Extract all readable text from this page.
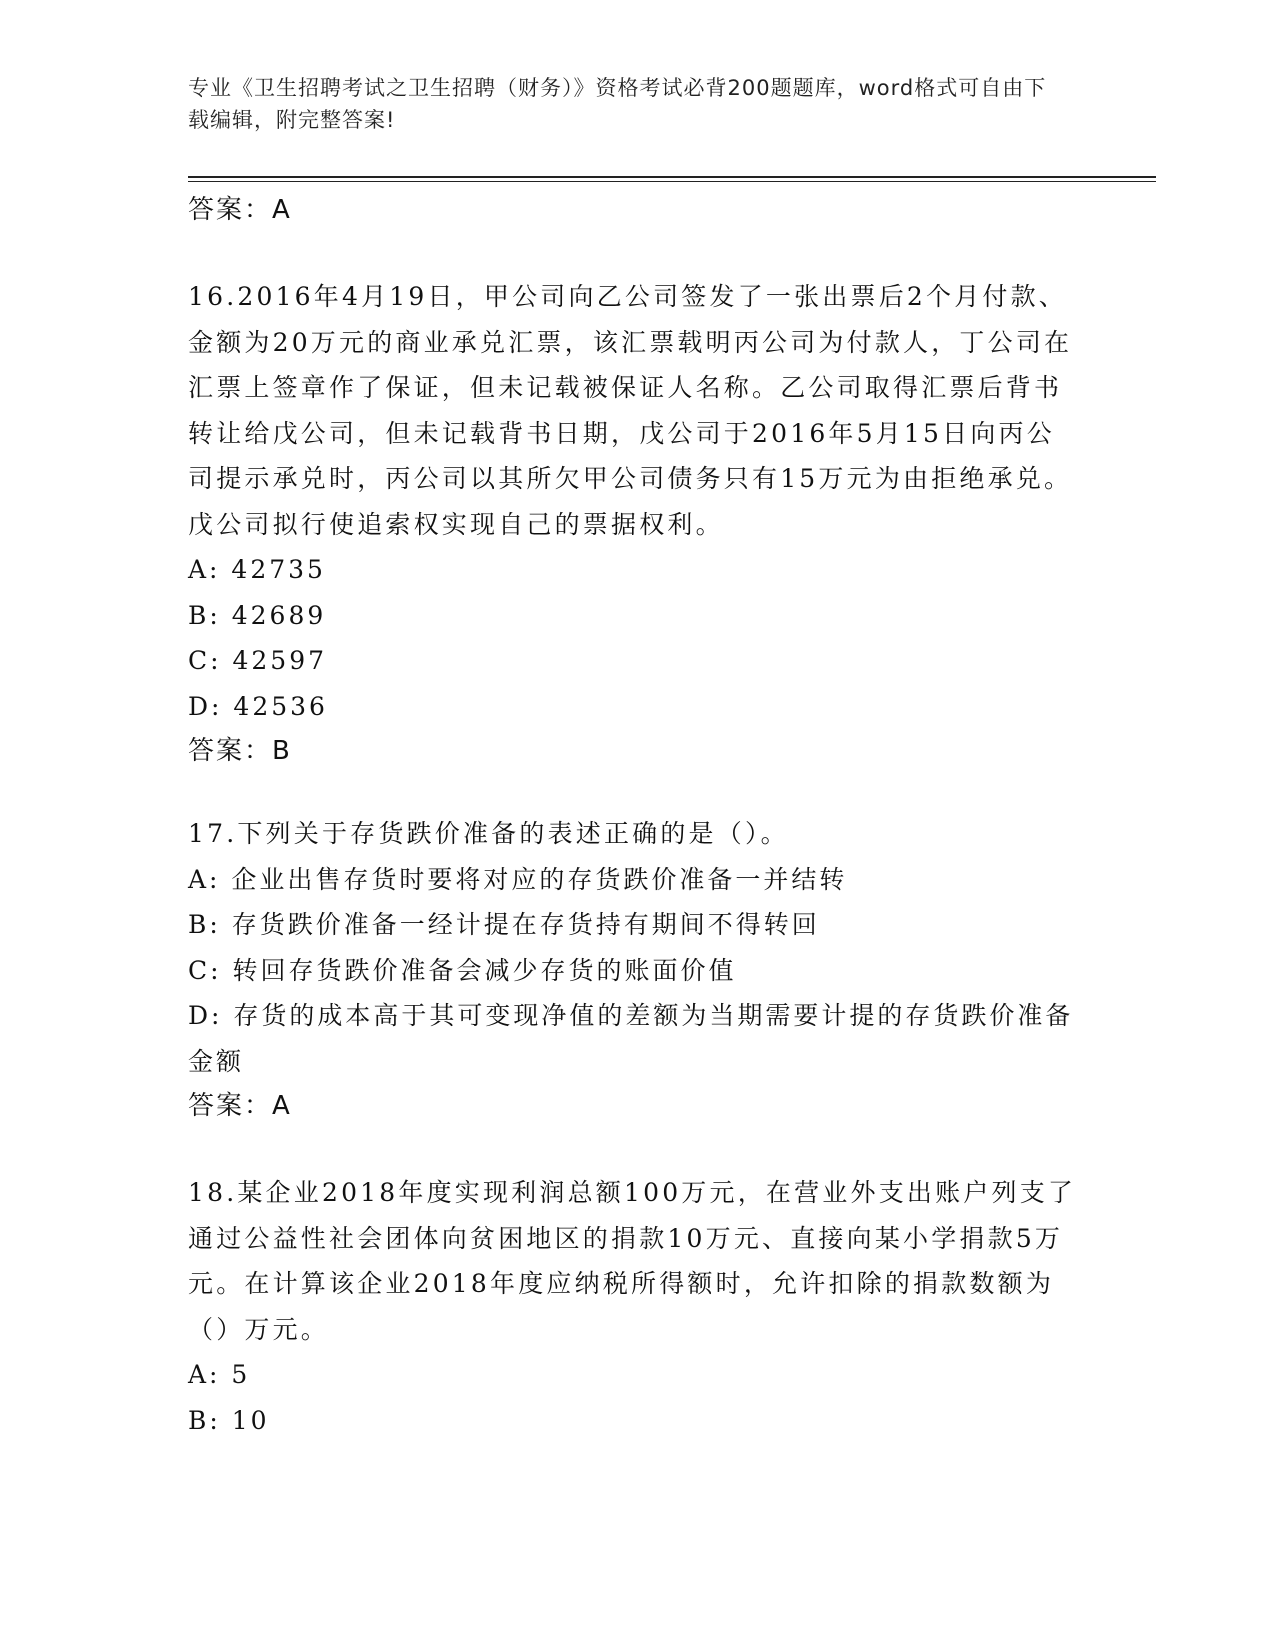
专业《卫生招聘考试之卫生招聘（财务）》资格考试必背200题题库，word格式可自由下载编辑，附完整答案!
答案：A

16.2016年4月19日，甲公司向乙公司签发了一张出票后2个月付款、金额为20万元的商业承兑汇票，该汇票载明丙公司为付款人，丁公司在汇票上签章作了保证，但未记载被保证人名称。乙公司取得汇票后背书转让给戊公司，但未记载背书日期，戊公司于2016年5月15日向丙公司提示承兑时，丙公司以其所欠甲公司债务只有15万元为由拒绝承兑。戊公司拟行使追索权实现自己的票据权利。

A: 42735
B: 42689
C: 42597
D: 42536
答案：B

17.下列关于存货跌价准备的表述正确的是（）。

A: 企业出售存货时要将对应的存货跌价准备一并结转
B: 存货跌价准备一经计提在存货持有期间不得转回
C: 转回存货跌价准备会减少存货的账面价值
D: 存货的成本高于其可变现净值的差额为当期需要计提的存货跌价准备金额
答案：A

18.某企业2018年度实现利润总额100万元，在营业外支出账户列支了通过公益性社会团体向贫困地区的捐款10万元、直接向某小学捐款5万元。在计算该企业2018年度应纳税所得额时，允许扣除的捐款数额为（）万元。

A: 5
B: 10
